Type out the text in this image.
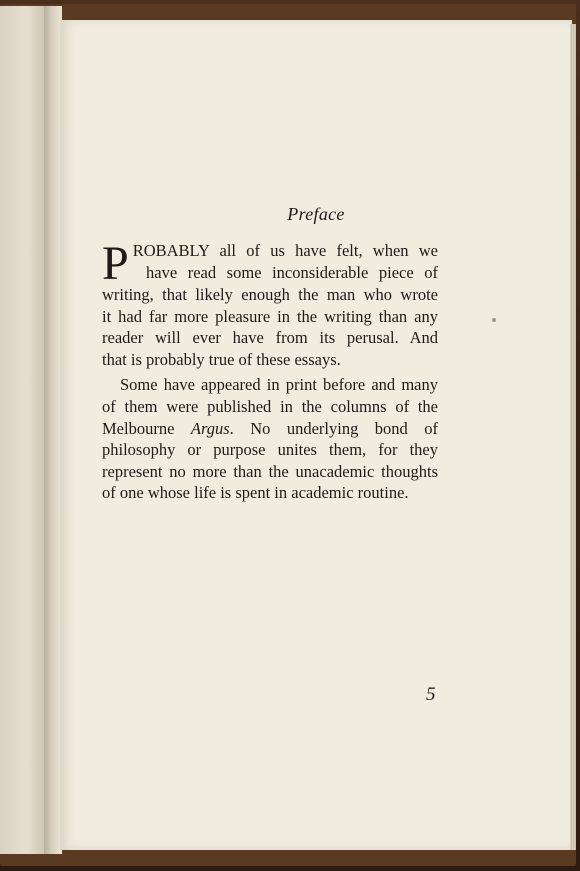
Preface
P ROBABLY all of us have felt, when we
have read some inconsiderable piece of
writing, that likely enough the man who wrote
it had far more pleasure in the writing than any
reader will ever have from its perusal. And
that is probably true of these essays.
Some have appeared in print before and many
of them were published in the columns of the
Melbourne Argus. No underlying bond of
philosophy or purpose unites them, for they
represent no more than the unacademic thoughts
of one whose life is spent in academic routine.
5
